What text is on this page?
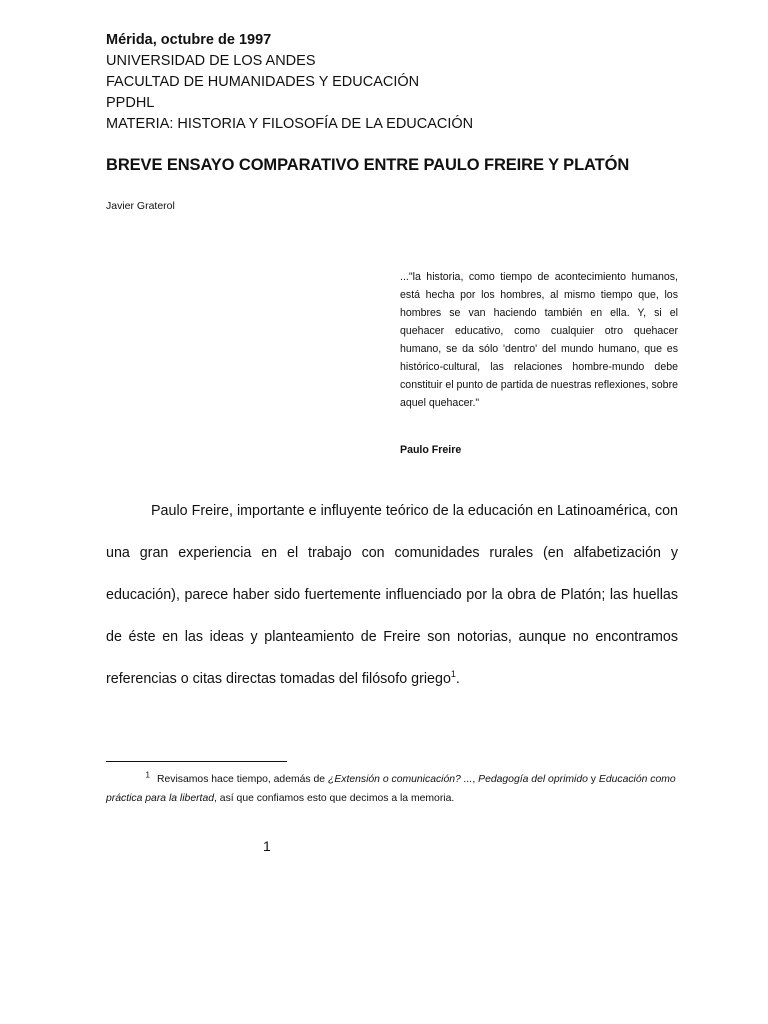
Mérida, octubre de 1997
UNIVERSIDAD DE LOS ANDES
FACULTAD DE HUMANIDADES Y EDUCACIÓN
PPDHL
MATERIA: HISTORIA Y FILOSOFÍA DE LA EDUCACIÓN
BREVE ENSAYO COMPARATIVO ENTRE PAULO FREIRE Y PLATÓN
Javier Graterol

..."la historia, como tiempo de acontecimiento humanos, está hecha por los hombres, al mismo tiempo que, los hombres se van haciendo también en ella. Y, si el quehacer educativo, como cualquier otro quehacer humano, se da sólo 'dentro' del mundo humano, que es histórico-cultural, las relaciones hombre-mundo debe constituir el punto de partida de nuestras reflexiones, sobre aquel quehacer."

Paulo Freire

Paulo Freire, importante e influyente teórico de la educación en Latinoamérica, con una gran experiencia en el trabajo con comunidades rurales (en alfabetización y educación), parece haber sido fuertemente influenciado por la obra de Platón; las huellas de éste en las ideas y planteamiento de Freire son notorias, aunque no encontramos referencias o citas directas tomadas del filósofo griego$^1$.

$^1$ Revisamos hace tiempo, además de ¿Extensión o comunicación? ..., Pedagogía del oprimido y Educación como práctica para la libertad, así que confiamos esto que decimos a la memoria.

1
